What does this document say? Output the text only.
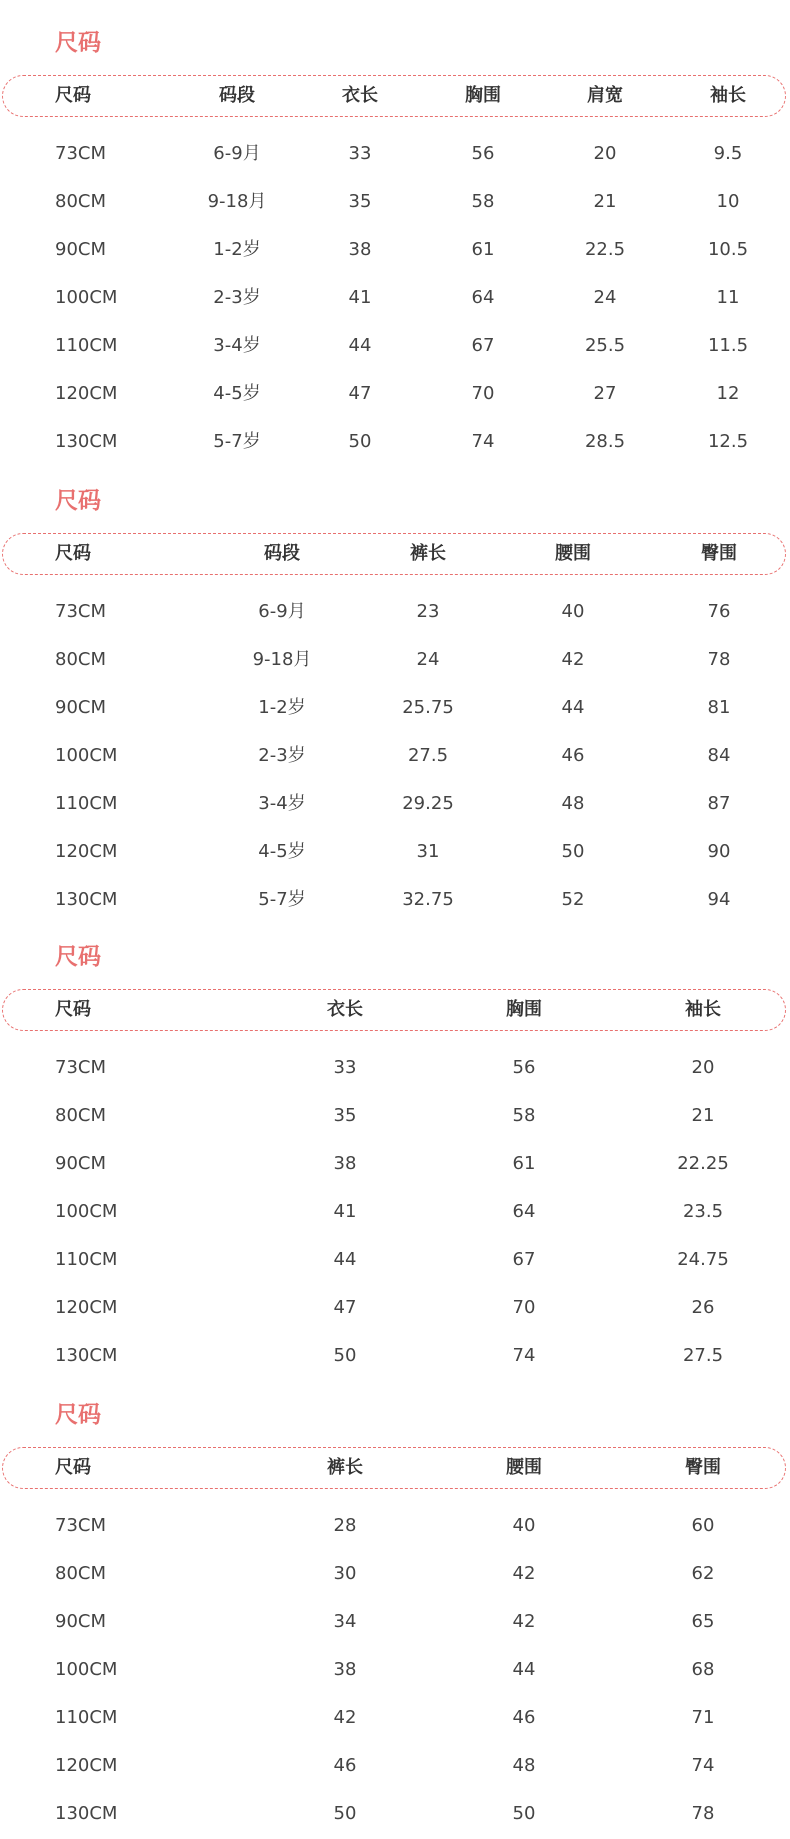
尺码
尺码	码段	衣长	胸围	肩宽	袖长
73CM	6-9月	33	56	20	9.5
80CM	9-18月	35	58	21	10
90CM	1-2岁	38	61	22.5	10.5
100CM	2-3岁	41	64	24	11
110CM	3-4岁	44	67	25.5	11.5
120CM	4-5岁	47	70	27	12
130CM	5-7岁	50	74	28.5	12.5
尺码
尺码	码段	裤长	腰围	臀围
73CM	6-9月	23	40	76
80CM	9-18月	24	42	78
90CM	1-2岁	25.75	44	81
100CM	2-3岁	27.5	46	84
110CM	3-4岁	29.25	48	87
120CM	4-5岁	31	50	90
130CM	5-7岁	32.75	52	94
尺码
尺码	衣长	胸围	袖长
73CM	33	56	20
80CM	35	58	21
90CM	38	61	22.25
100CM	41	64	23.5
110CM	44	67	24.75
120CM	47	70	26
130CM	50	74	27.5
尺码
尺码	裤长	腰围	臀围
73CM	28	40	60
80CM	30	42	62
90CM	34	42	65
100CM	38	44	68
110CM	42	46	71
120CM	46	48	74
130CM	50	50	78
